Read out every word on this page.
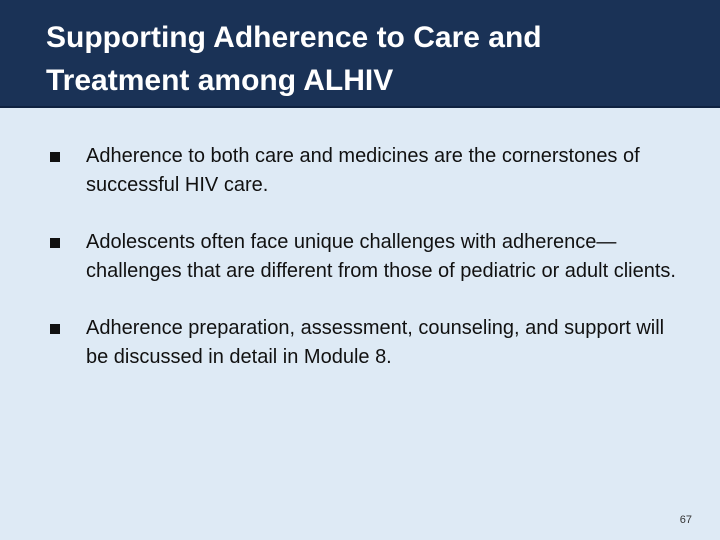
Supporting Adherence to Care and Treatment among ALHIV
Adherence to both care and medicines are the cornerstones of successful HIV care.
Adolescents often face unique challenges with adherence—challenges that are different from those of pediatric or adult clients.
Adherence preparation, assessment, counseling, and support will be discussed in detail in Module 8.
67
